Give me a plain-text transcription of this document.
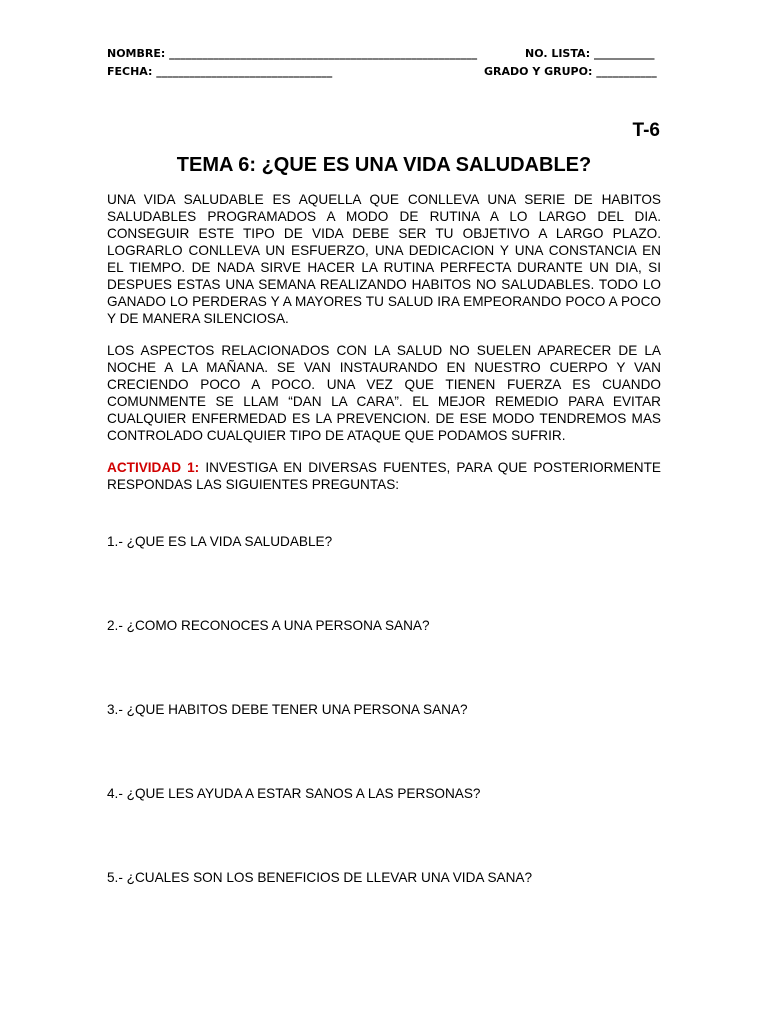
NOMBRE: ________________________________________________________	NO. LISTA: ___________
FECHA: ________________________________	GRADO Y GRUPO: ___________
T-6
TEMA 6: ¿QUE ES UNA VIDA SALUDABLE?

UNA VIDA SALUDABLE ES AQUELLA QUE CONLLEVA UNA SERIE DE HABITOS SALUDABLES PROGRAMADOS A MODO DE RUTINA A LO LARGO DEL DIA. CONSEGUIR ESTE TIPO DE VIDA DEBE SER TU OBJETIVO A LARGO PLAZO. LOGRARLO CONLLEVA UN ESFUERZO, UNA DEDICACION Y UNA CONSTANCIA EN EL TIEMPO. DE NADA SIRVE HACER LA RUTINA PERFECTA DURANTE UN DIA, SI DESPUES ESTAS UNA SEMANA REALIZANDO HABITOS NO SALUDABLES. TODO LO GANADO LO PERDERAS Y A MAYORES TU SALUD IRA EMPEORANDO POCO A POCO Y DE MANERA SILENCIOSA.

LOS ASPECTOS RELACIONADOS CON LA SALUD NO SUELEN APARECER DE LA NOCHE A LA MAÑANA. SE VAN INSTAURANDO EN NUESTRO CUERPO Y VAN CRECIENDO POCO A POCO. UNA VEZ QUE TIENEN FUERZA ES CUANDO COMUNMENTE SE LLAM “DAN LA CARA”. EL MEJOR REMEDIO PARA EVITAR CUALQUIER ENFERMEDAD ES LA PREVENCION. DE ESE MODO TENDREMOS MAS CONTROLADO CUALQUIER TIPO DE ATAQUE QUE PODAMOS SUFRIR.

ACTIVIDAD 1: INVESTIGA EN DIVERSAS FUENTES, PARA QUE POSTERIORMENTE RESPONDAS LAS SIGUIENTES PREGUNTAS:

1.- ¿QUE ES LA VIDA SALUDABLE?
2.- ¿COMO RECONOCES A UNA PERSONA SANA?
3.- ¿QUE HABITOS DEBE TENER UNA PERSONA SANA?
4.- ¿QUE LES AYUDA A ESTAR SANOS A LAS PERSONAS?
5.- ¿CUALES SON LOS BENEFICIOS DE LLEVAR UNA VIDA SANA?
